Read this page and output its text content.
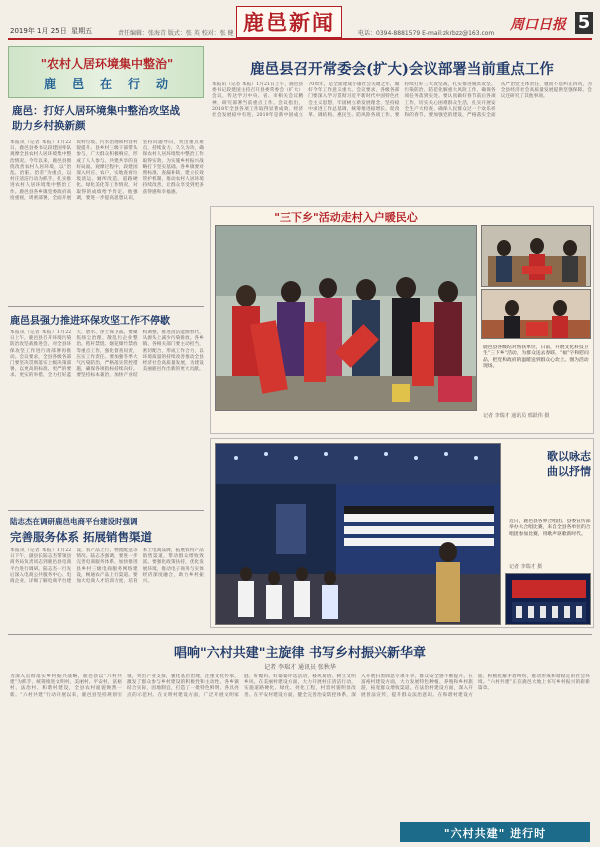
2019年 1月 25日 星期五	责任编辑：张海青 版式：张 英 校对：张 健 鹿邑新闻	电话：0394-8881579 E-mail:zkrbzz@163.com
周口日报 5
"农村人居环境集中整治"
鹿　邑　在　行　动
鹿邑：打好人居环境集中整治攻坚战
助力乡村换新颜
本报讯（记者 本报）1月22日，鹿邑县委书记段建国率队观摩全县农村人居环境集中整治情况。今年以来，鹿邑县围绕改善农村人居环境，以“治乱、治脏、治差”为重点，以村庄清洁行动为抓手，扎实推进农村人居环境集中整治工作。鹿邑县各乡镇党委政府高度重视，周密部署，全面开展农村垃圾、污水治理和村容村貌提升。县乡村三级干部带头参与，广大群众积极响应，形成了人人参与、共建共享的良好局面。观摩过程中，段建国深入村庄、农户，实地查看垃圾清运、厕所改造、道路硬化、绿化美化等工作情况，对取得的成绩给予肯定。他强调，要进一步提高思想认识，坚持问题导向，突出重点难点，持续发力，久久为功，确保农村人居环境集中整治工作取得实效，为实施乡村振兴战略打下坚实基础。各乡镇要对照标准，查漏补缺，建立长效管护机制，推动农村人居环境持续改善，让群众享受到更多获得感和幸福感。
鹿邑县强力推进环保攻坚工作不停歇
本报讯（记者 本报）1月22日上午，鹿邑县召开环境污染防治攻坚战推进会，对全县环保攻坚工作进行再部署再推动。会议要求，全县各级各部门要坚决贯彻落实上级决策部署，以更高的标准、更严的要求、更实的举措，全力打好蓝天、碧水、净土保卫战。要聚焦扬尘治理、散乱污企业整治、秸秆禁烧、烟花爆竹禁放等重点工作，强化督查问责，压实工作责任。要加强冬季大气污染防治，严格落实管控措施，确保各项指标持续向好。要坚持标本兼治，加快产业结构调整，推进清洁能源替代，从源头上减少污染排放。各乡镇、各相关部门要主动担当，密切配合，形成工作合力，以环境质量的持续改善推动全县经济社会高质量发展，为建设美丽鹿邑作出新的更大贡献。
陆志杰在调研鹿邑电商平台建设时强调
完善服务体系 拓展销售渠道
本报讯（记者 本报）1月22日下午，副县长陆志杰带领县商务局负责同志到鹿邑县电商平台进行调研。陆志杰一行先后深入电商公共服务中心、电商企业，详细了解电商平台建设、农产品上行、物流配送等情况。陆志杰强调，要进一步完善电商服务体系，加快推进县乡村三级电商服务网络建设，畅通农产品上行渠道。要加大电商人才培训力度，培育本土电商品牌，拓展农特产品销售渠道，带动群众增收致富。要强化政策扶持，优化发展环境，推动电子商务与实体经济深度融合，助力乡村振兴。
鹿邑县召开常委会(扩大)会议部署当前重点工作
本报讯（记者 本报）1月21日上午，鹿邑县委书记段建国主持召开县委常委会（扩大）会议，传达学习中央、省、市相关会议精神，研究部署当前重点工作。会议指出，2018年全县各项工作取得显著成效，经济社会发展稳中有进。2019年是新中国成立70周年，是全面建成小康社会关键之年，做好今年工作意义重大。会议要求，各级各部门要深入学习贯彻习近平新时代中国特色社会主义思想，牢固树立新发展理念，坚持稳中求进工作总基调，统筹推进稳增长、促改革、调结构、惠民生、防风险各项工作。要持续打好三大攻坚战，扎实推进脱贫攻坚、污染防治、防范化解重大风险工作，确保各项任务落到实处。要认真做好春节前后各项工作，切实关心困难群众生活，扎实开展安全生产大检查，确保人民群众过一个欢乐祥和的春节。要加强党的建设，严格落实全面从严治党主体责任，驰而不息纠正四风，为全县经济社会高质量发展提供坚强保障。会议还研究了其他事项。
"三下乡"活动走村入户暖民心
鹿邑县各级结对帮扶单位，日前，开展文化科技卫生“三下乡”活动，为群众送去春联、“福”字和慰问品，把党和政府的温暖送到群众心坎上。图为活动现场。
记者 李瑞才 通讯员 邢跃伟 摄
歌以咏志
曲以抒情
近日，鹿邑县各界合唱团、县委宣传部举办大合唱比赛，来自全县各单位的合唱团参加比赛，用歌声讴歌新时代。
记者 李瑞才 摄
唱响"六村共建"主旋律 书写乡村振兴新华章
记者 李瑞才 通讯员 张秋华
为深入贯彻落实乡村振兴战略，鹿邑县以“六村共建”为抓手，统筹推进文明村、美丽村、平安村、富裕村、法治村、和谐村建设，全县农村面貌焕然一新。“六村共建”行动开展以来，鹿邑县坚持规划引领，突出产业支撑，强化基层治理，注重文化传承，激发了群众参与乡村建设的积极性和主动性。各乡镇结合实际，因地制宜，打造了一批特色鲜明、各具亮点的示范村。在文明村建设方面，广泛开展文明家庭、好媳妇、好婆婆评选活动，移风易俗，树立文明乡风。在美丽村建设方面，大力开展村庄清洁行动，实施道路硬化、绿化、亮化工程，村容村貌明显改善。在平安村建设方面，健全完善治安防控体系，深入开展扫黑除恶专项斗争，群众安全感不断提升。在富裕村建设方面，大力发展特色种植、养殖和乡村旅游，拓宽群众增收渠道。在法治村建设方面，深入开展普法宣传，提升群众法治意识。在和谐村建设方面，积极化解矛盾纠纷，推动形成和谐稳定的社会环境。“六村共建”正在鹿邑大地上书写乡村振兴的崭新篇章。
"六村共建" 进行时
